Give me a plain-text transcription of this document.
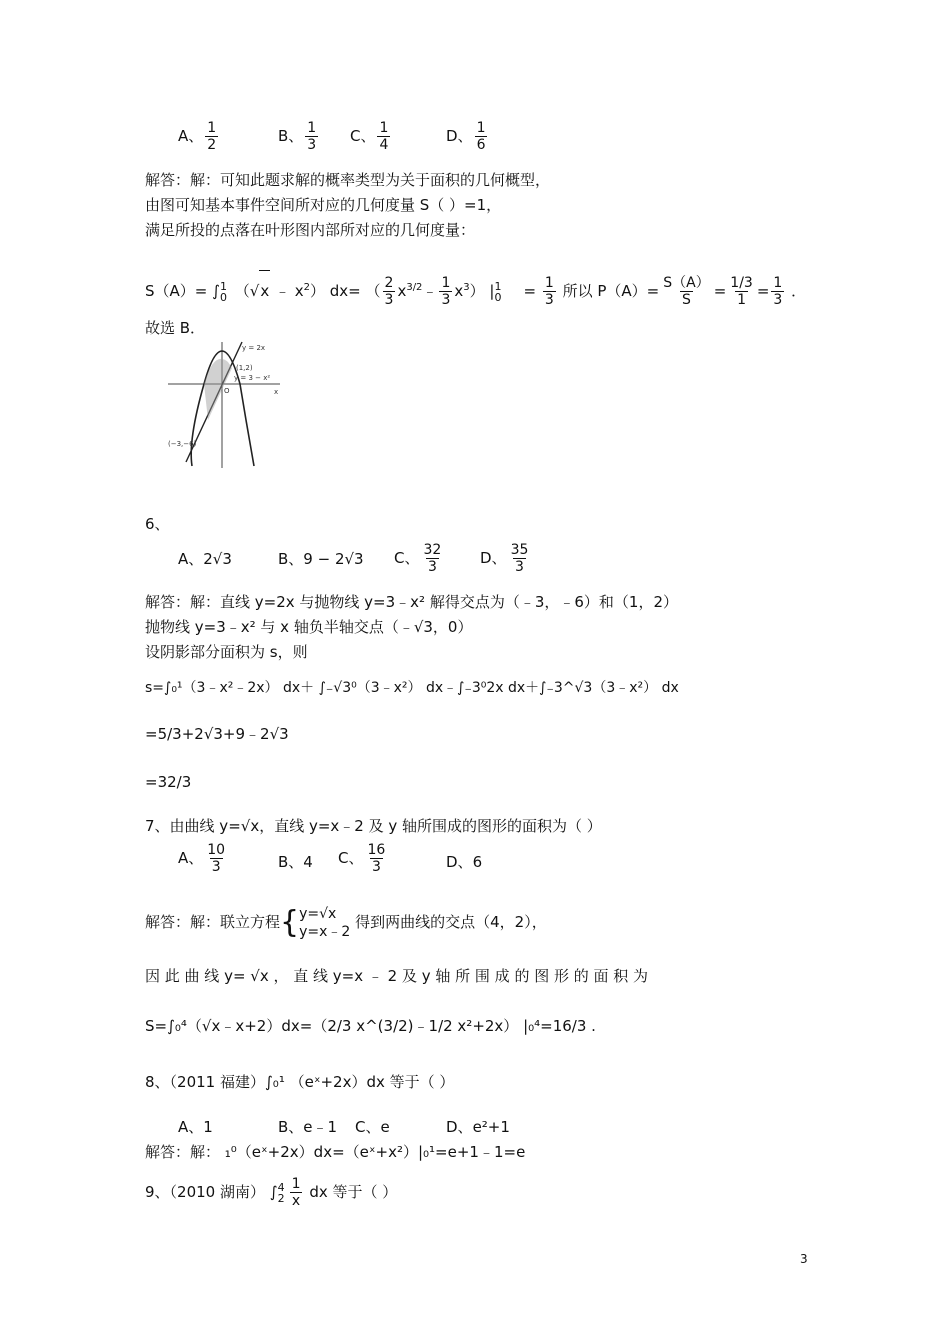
A、 $\frac{1}{2}$	B、 $\frac{1}{3}$ C、 $\frac{1}{4}$	D、 $\frac{1}{6}$
解答：解：可知此题求解的概率类型为关于面积的几何概型，
由图可知基本事件空间所对应的几何度量 S（ ）=1，
满足所投的点落在叶形图内部所对应的几何度量：
S（A）= ∫ 1
0 （√x ﹣ $x^2$） dx= （ $\frac{2}{3}$ $x^{3/2}﹣ \frac{1}{3} x^3$） | 1
$0 = \frac{1}{3}$ 所以 $P(A)= \frac{S(A)}{S} = \frac{1/3}{1} = \frac{1}{3}$ ．
故选 B．
y = 2x
(1,2)
y = 3 − x²
(−3,−6)
O	x
6、
A、2√3	B、9 − 2√3 C、 $\frac{32}{3}$ D、 $\frac{35}{3}$
解答：解：直线 y=2x 与抛物线 y=3﹣x² 解得交点为（﹣3，﹣6）和（1，2）
抛物线 y=3﹣x² 与 x 轴负半轴交点（﹣√3，0）
设阴影部分面积为 s，则
s=∫₀¹（3﹣x²﹣2x） dx＋ ∫₋√3⁰（3﹣x²） dx﹣∫₋3⁰2x dx＋∫₋3^√3（3﹣x²） dx
=5/3+2√3+9﹣2√3
=32/3
7、由曲线 y=√x，直线 y=x﹣2 及 y 轴所围成的图形的面积为（ ）
A、 $\frac{10}{3}$	B、4 C、 $\frac{16}{3}$	D、6
解答：解：联立方程{ y=√x
y=x﹣2
得到两曲线的交点（4，2），
因 此 曲 线 y= √x ， 直 线 y=x ﹣ 2 及 y 轴 所 围 成 的 图 形 的 面 积 为
S=∫₀⁴（√x﹣x+2）dx=（2/3 x^(3/2)﹣1/2 x²+2x） |₀⁴=16/3 .
8、（2011 福建）∫₀¹ （eˣ+2x）dx 等于（ ）
A、1	B、e﹣1 C、e	D、e²+1
解答：解： ₁⁰（eˣ+2x）dx=（eˣ+x²）|₀¹=e+1﹣1=e
9、（2010 湖南） ∫ 4
$2 \frac{1}{x}$ dx 等于（ ）
3
